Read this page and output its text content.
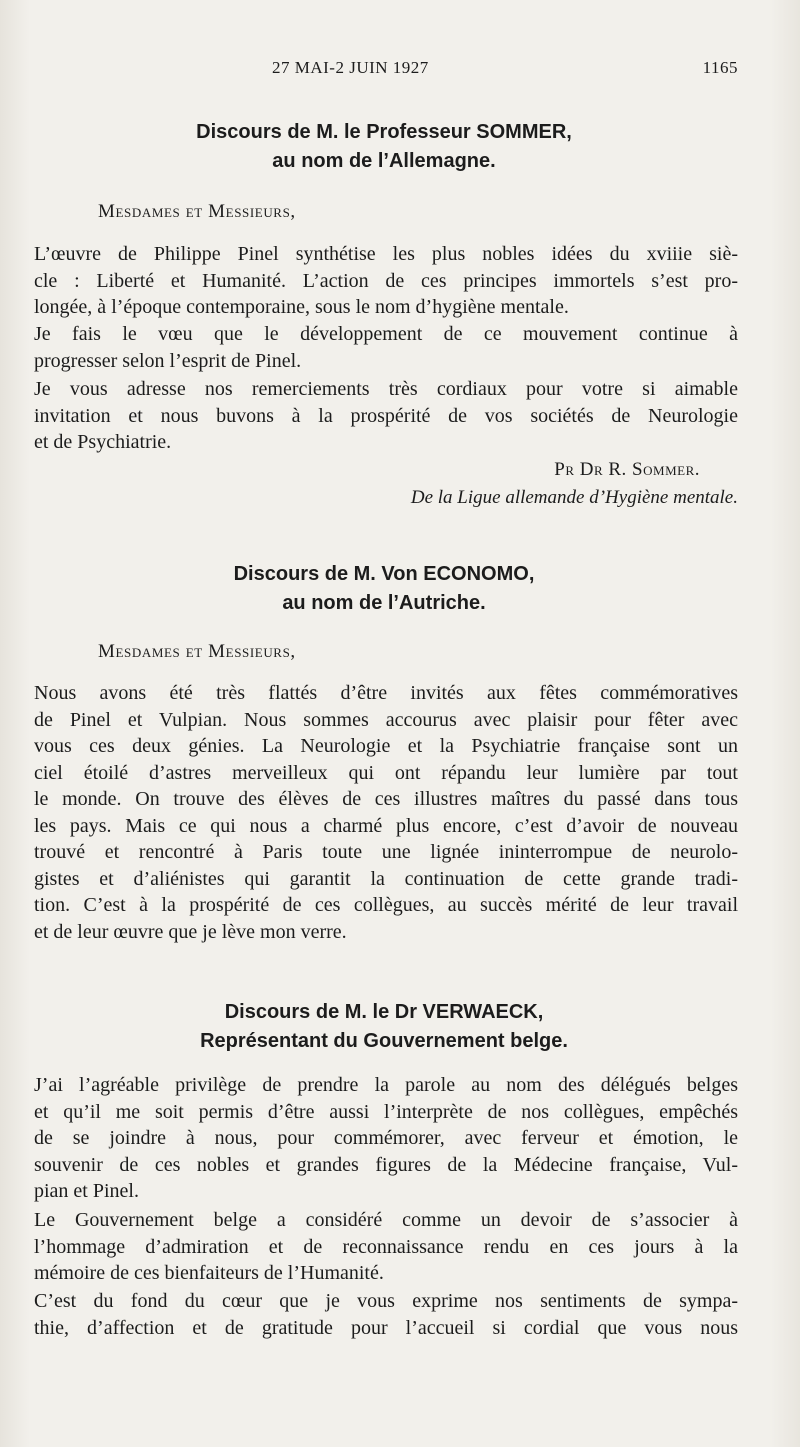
27 MAI-2 JUIN 1927	1165
Discours de M. le Professeur SOMMER,
au nom de l’Allemagne.
Mesdames et Messieurs,
L’œuvre de Philippe Pinel synthétise les plus nobles idées du xviiie siè-
cle : Liberté et Humanité. L’action de ces principes immortels s’est pro-
longée, à l’époque contemporaine, sous le nom d’hygiène mentale.
Je fais le vœu que le développement de ce mouvement continue à
progresser selon l’esprit de Pinel.
Je vous adresse nos remerciements très cordiaux pour votre si aimable
invitation et nous buvons à la prospérité de vos sociétés de Neurologie
et de Psychiatrie.
Pr Dr R. Sommer.
De la Ligue allemande d’Hygiène mentale.
Discours de M. Von ECONOMO,
au nom de l’Autriche.
Mesdames et Messieurs,
Nous avons été très flattés d’être invités aux fêtes commémoratives
de Pinel et Vulpian. Nous sommes accourus avec plaisir pour fêter avec
vous ces deux génies. La Neurologie et la Psychiatrie française sont un
ciel étoilé d’astres merveilleux qui ont répandu leur lumière par tout
le monde. On trouve des élèves de ces illustres maîtres du passé dans tous
les pays. Mais ce qui nous a charmé plus encore, c’est d’avoir de nouveau
trouvé et rencontré à Paris toute une lignée ininterrompue de neurolo-
gistes et d’aliénistes qui garantit la continuation de cette grande tradi-
tion. C’est à la prospérité de ces collègues, au succès mérité de leur travail
et de leur œuvre que je lève mon verre.
Discours de M. le Dr VERWAECK,
Représentant du Gouvernement belge.
J’ai l’agréable privilège de prendre la parole au nom des délégués belges
et qu’il me soit permis d’être aussi l’interprète de nos collègues, empêchés
de se joindre à nous, pour commémorer, avec ferveur et émotion, le
souvenir de ces nobles et grandes figures de la Médecine française, Vul-
pian et Pinel.
Le Gouvernement belge a considéré comme un devoir de s’associer à
l’hommage d’admiration et de reconnaissance rendu en ces jours à la
mémoire de ces bienfaiteurs de l’Humanité.
C’est du fond du cœur que je vous exprime nos sentiments de sympa-
thie, d’affection et de gratitude pour l’accueil si cordial que vous nous
